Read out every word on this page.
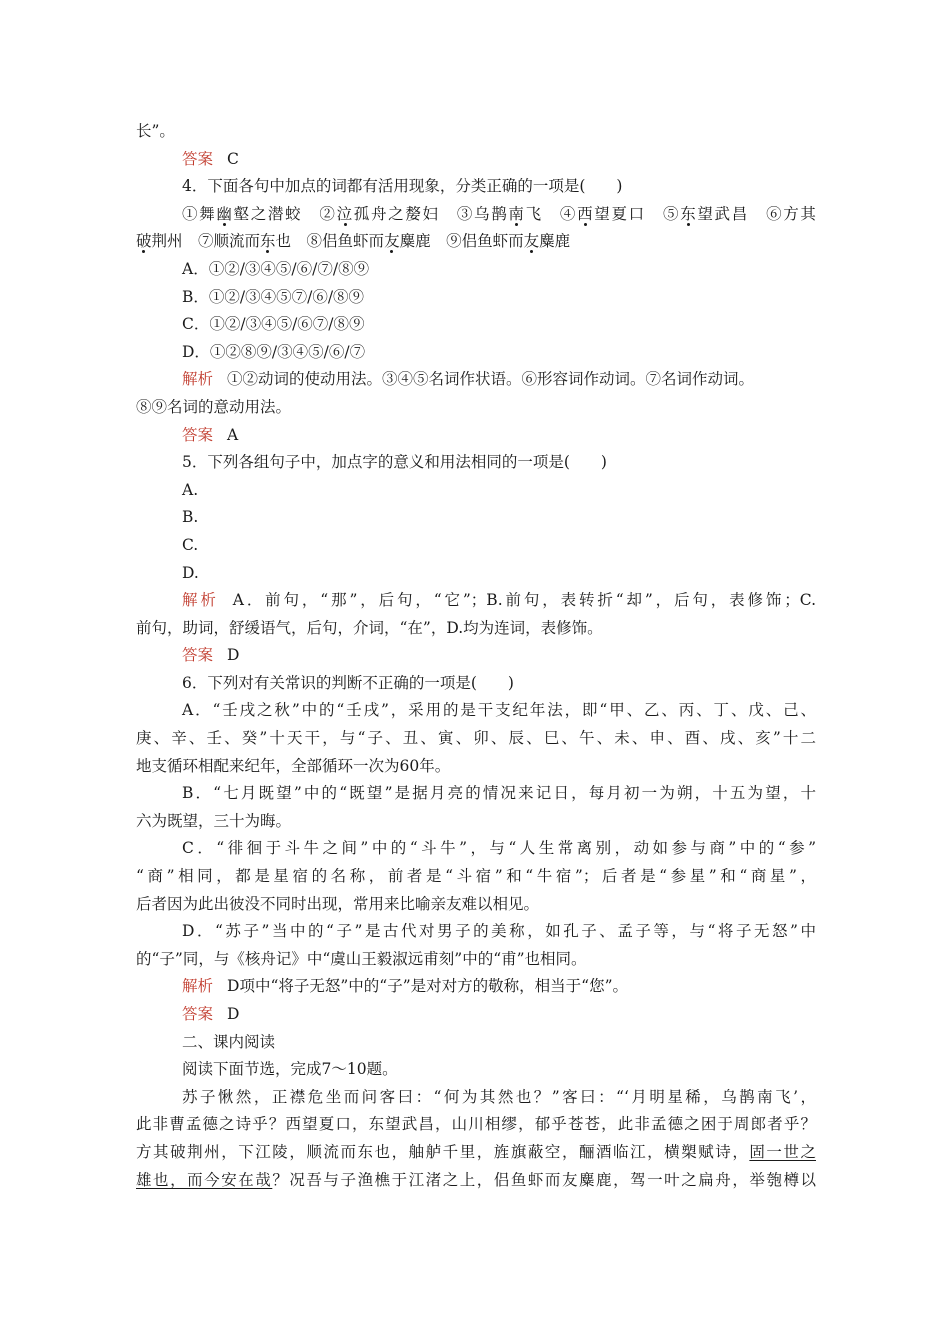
长”。
答案 C
4．下面各句中加点的词都有活用现象，分类正确的一项是(　　)
①舞幽壑之潜蛟　②泣孤舟之嫠妇　③乌鹊南飞　④西望夏口　⑤东望武昌　⑥方其
破荆州　⑦顺流而东也　⑧侣鱼虾而友麋鹿　⑨侣鱼虾而友麋鹿
A．①②/③④⑤/⑥/⑦/⑧⑨
B．①②/③④⑤⑦/⑥/⑧⑨
C．①②/③④⑤/⑥⑦/⑧⑨
D．①②⑧⑨/③④⑤/⑥/⑦
解析 ①②动词的使动用法。③④⑤名词作状语。⑥形容词作动词。⑦名词作动词。
⑧⑨名词的意动用法。
答案 A
5．下列各组句子中，加点字的意义和用法相同的一项是(　　)
A.
B.
C.
D.
解析 A．前句，“那”，后句，“它”；B.前句，表转折“却”，后句，表修饰；C.
前句，助词，舒缓语气，后句，介词，“在”，D.均为连词，表修饰。
答案 D
6．下列对有关常识的判断不正确的一项是(　　)
A．“壬戌之秋”中的“壬戌”，采用的是干支纪年法，即“甲、乙、丙、丁、戊、己、
庚、辛、壬、癸”十天干，与“子、丑、寅、卯、辰、巳、午、未、申、酉、戌、亥”十二
地支循环相配来纪年，全部循环一次为60年。
B．“七月既望”中的“既望”是据月亮的情况来记日，每月初一为朔，十五为望，十
六为既望，三十为晦。
C．“徘徊于斗牛之间”中的“斗牛”，与“人生常离别，动如参与商”中的“参”
“商”相同，都是星宿的名称，前者是“斗宿”和“牛宿”；后者是“参星”和“商星”，
后者因为此出彼没不同时出现，常用来比喻亲友难以相见。
D．“苏子”当中的“子”是古代对男子的美称，如孔子、孟子等，与“将子无怒”中
的“子”同，与《核舟记》中“虞山王毅淑远甫刻”中的“甫”也相同。
解析 D项中“将子无怒”中的“子”是对对方的敬称，相当于“您”。
答案 D
二、课内阅读
阅读下面节选，完成7～10题。
苏子愀然，正襟危坐而问客曰：“何为其然也？”客曰：“‘月明星稀，乌鹊南飞’，
此非曹孟德之诗乎？西望夏口，东望武昌，山川相缪，郁乎苍苍，此非孟德之困于周郎者乎？
方其破荆州，下江陵，顺流而东也，舳舻千里，旌旗蔽空，酾酒临江，横槊赋诗，固一世之
雄也，而今安在哉？况吾与子渔樵于江渚之上，侣鱼虾而友麋鹿，驾一叶之扁舟，举匏樽以
